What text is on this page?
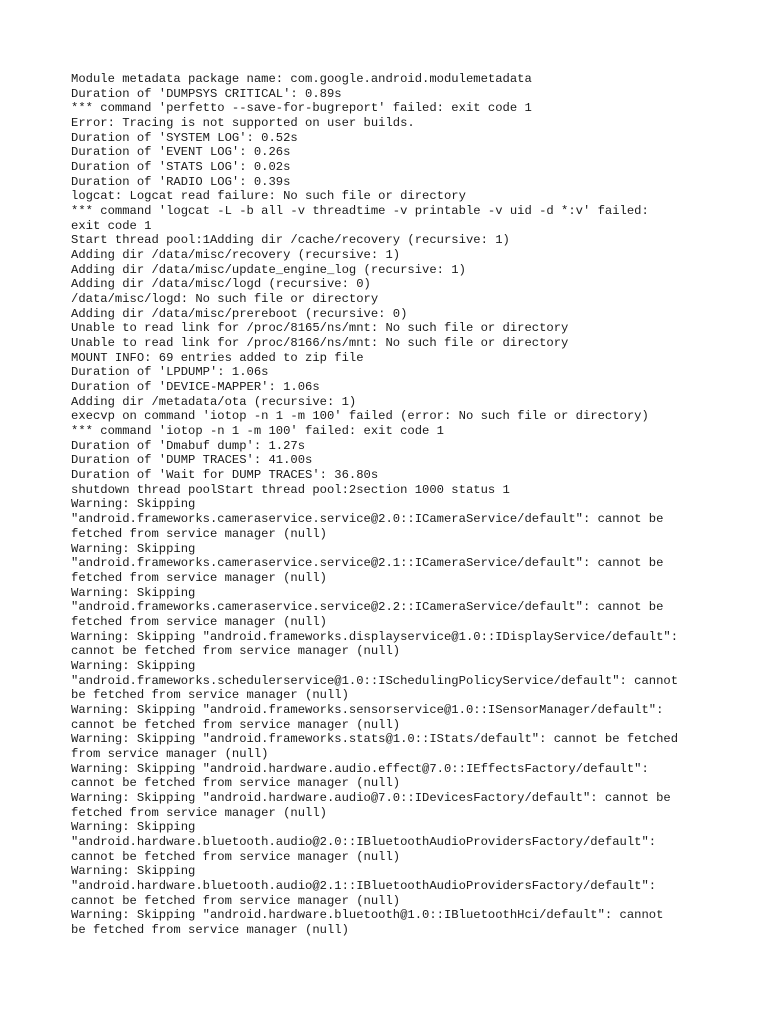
Module metadata package name: com.google.android.modulemetadata
Duration of 'DUMPSYS CRITICAL': 0.89s
*** command 'perfetto --save-for-bugreport' failed: exit code 1
Error: Tracing is not supported on user builds.
Duration of 'SYSTEM LOG': 0.52s
Duration of 'EVENT LOG': 0.26s
Duration of 'STATS LOG': 0.02s
Duration of 'RADIO LOG': 0.39s
logcat: Logcat read failure: No such file or directory
*** command 'logcat -L -b all -v threadtime -v printable -v uid -d *:v' failed:
exit code 1
Start thread pool:1Adding dir /cache/recovery (recursive: 1)
Adding dir /data/misc/recovery (recursive: 1)
Adding dir /data/misc/update_engine_log (recursive: 1)
Adding dir /data/misc/logd (recursive: 0)
/data/misc/logd: No such file or directory
Adding dir /data/misc/prereboot (recursive: 0)
Unable to read link for /proc/8165/ns/mnt: No such file or directory
Unable to read link for /proc/8166/ns/mnt: No such file or directory
MOUNT INFO: 69 entries added to zip file
Duration of 'LPDUMP': 1.06s
Duration of 'DEVICE-MAPPER': 1.06s
Adding dir /metadata/ota (recursive: 1)
execvp on command 'iotop -n 1 -m 100' failed (error: No such file or directory)
*** command 'iotop -n 1 -m 100' failed: exit code 1
Duration of 'Dmabuf dump': 1.27s
Duration of 'DUMP TRACES': 41.00s
Duration of 'Wait for DUMP TRACES': 36.80s
shutdown thread poolStart thread pool:2section 1000 status 1
Warning: Skipping
"android.frameworks.cameraservice.service@2.0::ICameraService/default": cannot be
fetched from service manager (null)
Warning: Skipping
"android.frameworks.cameraservice.service@2.1::ICameraService/default": cannot be
fetched from service manager (null)
Warning: Skipping
"android.frameworks.cameraservice.service@2.2::ICameraService/default": cannot be
fetched from service manager (null)
Warning: Skipping "android.frameworks.displayservice@1.0::IDisplayService/default":
cannot be fetched from service manager (null)
Warning: Skipping
"android.frameworks.schedulerservice@1.0::ISchedulingPolicyService/default": cannot
be fetched from service manager (null)
Warning: Skipping "android.frameworks.sensorservice@1.0::ISensorManager/default":
cannot be fetched from service manager (null)
Warning: Skipping "android.frameworks.stats@1.0::IStats/default": cannot be fetched
from service manager (null)
Warning: Skipping "android.hardware.audio.effect@7.0::IEffectsFactory/default":
cannot be fetched from service manager (null)
Warning: Skipping "android.hardware.audio@7.0::IDevicesFactory/default": cannot be
fetched from service manager (null)
Warning: Skipping
"android.hardware.bluetooth.audio@2.0::IBluetoothAudioProvidersFactory/default":
cannot be fetched from service manager (null)
Warning: Skipping
"android.hardware.bluetooth.audio@2.1::IBluetoothAudioProvidersFactory/default":
cannot be fetched from service manager (null)
Warning: Skipping "android.hardware.bluetooth@1.0::IBluetoothHci/default": cannot
be fetched from service manager (null)
